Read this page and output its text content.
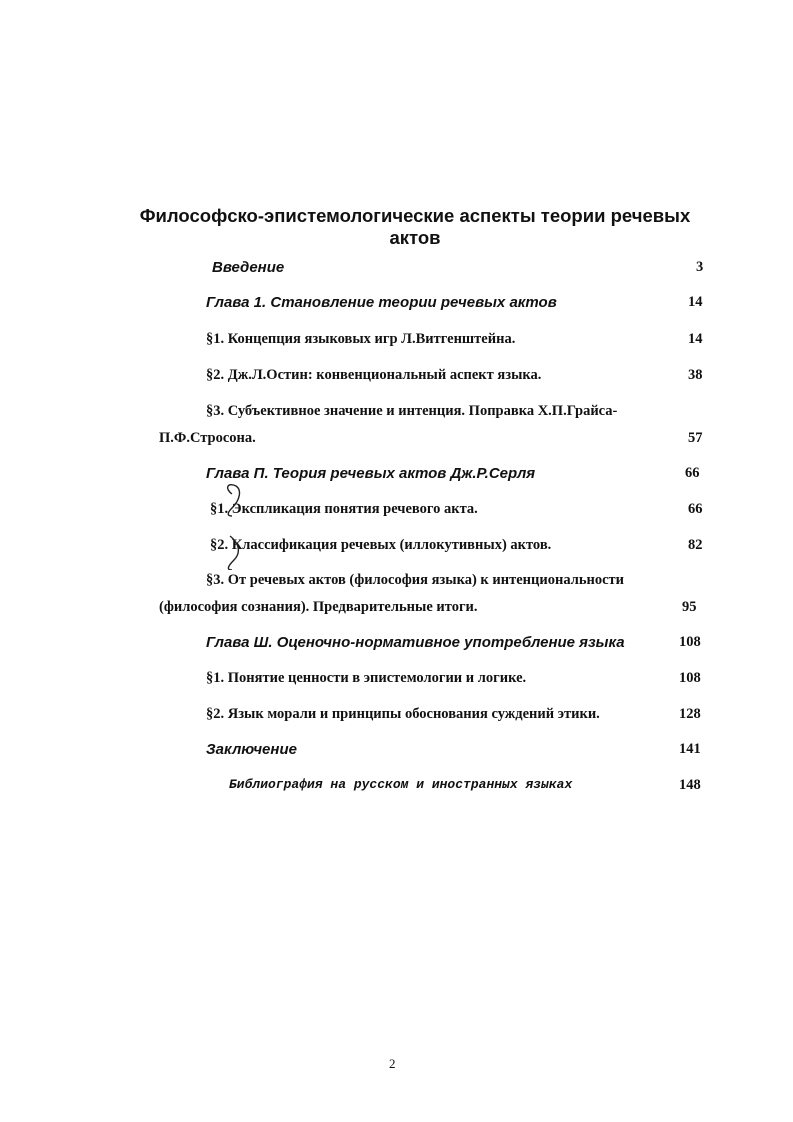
Философско-эпистемологические аспекты теории речевых актов
Введение	3
Глава 1. Становление теории речевых актов	14
§1. Концепция языковых игр Л.Витгенштейна.	14
§2. Дж.Л.Остин: конвенциональный аспект языка.	38
§3. Субъективное значение и интенция. Поправка Х.П.Грайса-
П.Ф.Стросона.	57
Глава П. Теория речевых актов Дж.Р.Серля	66
§1. Экспликация понятия речевого акта.	66
§2. Классификация речевых (иллокутивных) актов.	82
§3. От речевых актов (философия языка) к интенциональности
(философия сознания). Предварительные итоги.	95
Глава Ш. Оценочно-нормативное употребление языка	108
§1. Понятие ценности в эпистемологии и логике.	108
§2. Язык морали и принципы обоснования суждений этики.	128
Заключение	141
Библиография на русском и иностранных языках	148
2
